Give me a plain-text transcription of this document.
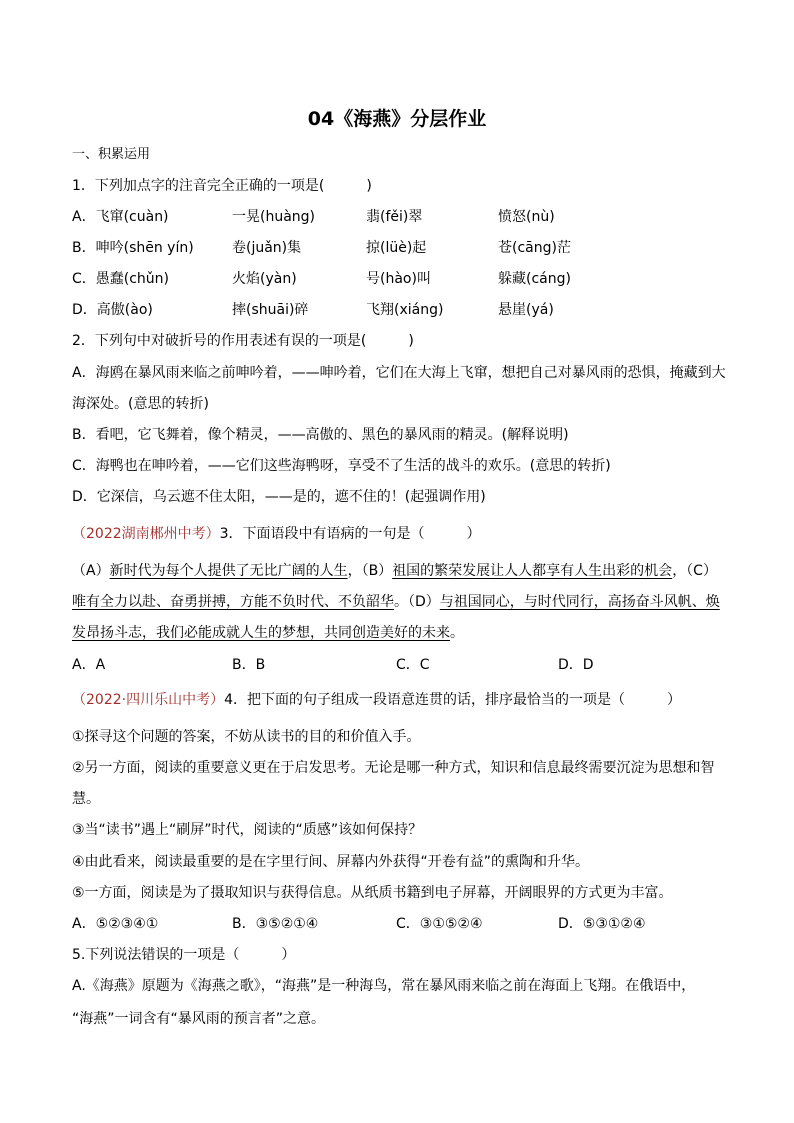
04《海燕》分层作业
一、积累运用
1．下列加点字的注音完全正确的一项是(　　　)
A．飞窜(cuàn)	一晃(huàng)	翡(fěi)翠	愤怒(nù)
B．呻吟(shēn yín)	卷(juǎn)集	掠(lüè)起	苍(cāng)茫
C．愚蠢(chǔn)	火焰(yàn)	号(hào)叫	躲藏(cáng)
D．高傲(ào)	摔(shuāi)碎	飞翔(xiáng)	悬崖(yá)
2．下列句中对破折号的作用表述有误的一项是(　　　)
A．海鸥在暴风雨来临之前呻吟着，——呻吟着，它们在大海上飞窜，想把自己对暴风雨的恐惧，掩藏到大
海深处。(意思的转折)
B．看吧，它飞舞着，像个精灵，——高傲的、黑色的暴风雨的精灵。(解释说明)
C．海鸭也在呻吟着，——它们这些海鸭呀，享受不了生活的战斗的欢乐。(意思的转折)
D．它深信，乌云遮不住太阳，——是的，遮不住的！(起强调作用)
（2022湖南郴州中考）3．下面语段中有语病的一句是（　　　）
（A）新时代为每个人提供了无比广阔的人生，（B）祖国的繁荣发展让人人都享有人生出彩的机会，（C）
唯有全力以赴、奋勇拼搏，方能不负时代、不负韶华。（D）与祖国同心，与时代同行，高扬奋斗风帆、焕
发昂扬斗志，我们必能成就人生的梦想，共同创造美好的未来。
A．A	B．B	C．C	D．D
（2022·四川乐山中考）4．把下面的句子组成一段语意连贯的话，排序最恰当的一项是（　　　）
①探寻这个问题的答案，不妨从读书的目的和价值入手。
②另一方面，阅读的重要意义更在于启发思考。无论是哪一种方式，知识和信息最终需要沉淀为思想和智
慧。
③当“读书”遇上“刷屏”时代，阅读的“质感”该如何保持？
④由此看来，阅读最重要的是在字里行间、屏幕内外获得“开卷有益”的熏陶和升华。
⑤一方面，阅读是为了摄取知识与获得信息。从纸质书籍到电子屏幕，开阔眼界的方式更为丰富。
A．⑤②③④①	B．③⑤②①④	C．③①⑤②④	D．⑤③①②④
5.下列说法错误的一项是（　　　）
A.《海燕》原题为《海燕之歌》，“海燕”是一种海鸟，常在暴风雨来临之前在海面上飞翔。在俄语中，
“海燕”一词含有“暴风雨的预言者”之意。
